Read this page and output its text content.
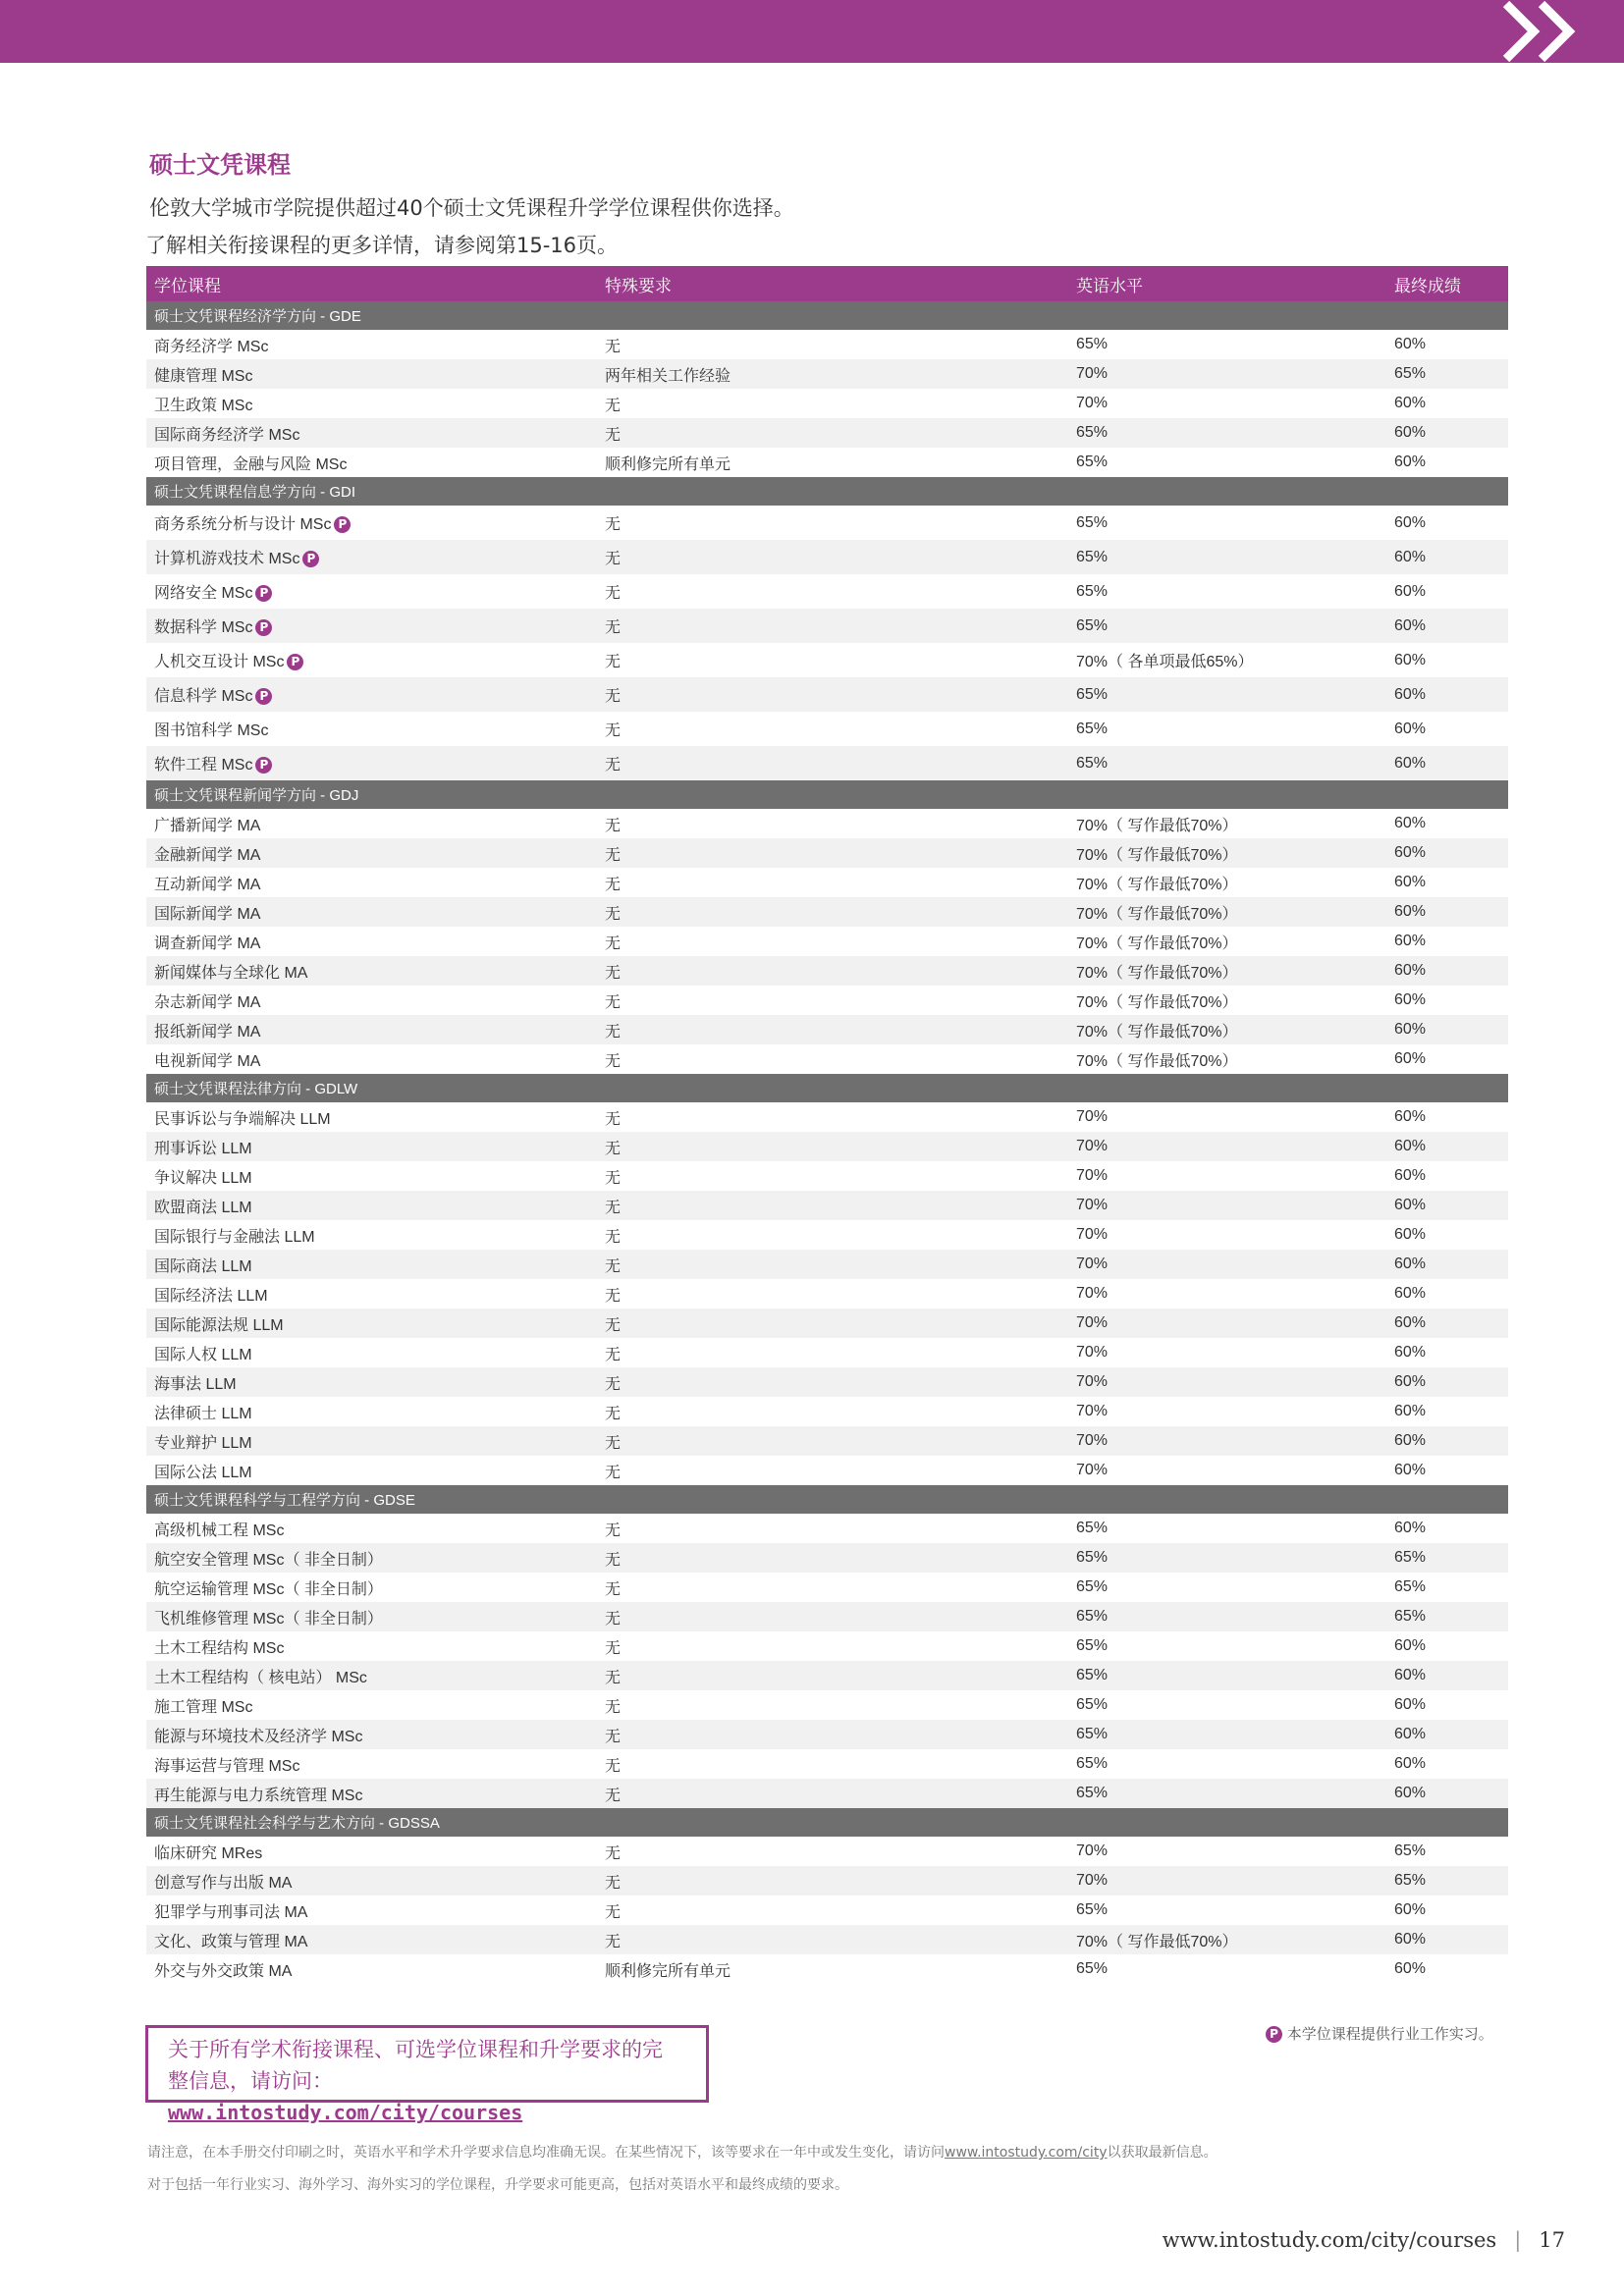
硕士文凭课程
伦敦大学城市学院提供超过40个硕士文凭课程升学学位课程供你选择。
了解相关衔接课程的更多详情，请参阅第15-16页。
学位课程	特殊要求	英语水平	最终成绩
硕士文凭课程经济学方向 - GDE			
商务经济学 MSc	无	65%	60%
健康管理 MSc	两年相关工作经验	70%	65%
卫生政策 MSc	无	70%	60%
国际商务经济学 MSc	无	65%	60%
项目管理，金融与风险 MSc	顺利修完所有单元	65%	60%
硕士文凭课程信息学方向 - GDI			
商务系统分析与设计 MSc P	无	65%	60%
计算机游戏技术 MSc P	无	65%	60%
网络安全 MSc P	无	65%	60%
数据科学 MSc P	无	65%	60%
人机交互设计 MSc P	无	70%（ 各单项最低65%）	60%
信息科学 MSc P	无	65%	60%
图书馆科学 MSc	无	65%	60%
软件工程 MSc P	无	65%	60%
硕士文凭课程新闻学方向 - GDJ			
广播新闻学 MA	无	70%（ 写作最低70%）	60%
金融新闻学 MA	无	70%（ 写作最低70%）	60%
互动新闻学 MA	无	70%（ 写作最低70%）	60%
国际新闻学 MA	无	70%（ 写作最低70%）	60%
调查新闻学 MA	无	70%（ 写作最低70%）	60%
新闻媒体与全球化 MA	无	70%（ 写作最低70%）	60%
杂志新闻学 MA	无	70%（ 写作最低70%）	60%
报纸新闻学 MA	无	70%（ 写作最低70%）	60%
电视新闻学 MA	无	70%（ 写作最低70%）	60%
硕士文凭课程法律方向 - GDLW			
民事诉讼与争端解决 LLM	无	70%	60%
刑事诉讼 LLM	无	70%	60%
争议解决 LLM	无	70%	60%
欧盟商法 LLM	无	70%	60%
国际银行与金融法 LLM	无	70%	60%
国际商法 LLM	无	70%	60%
国际经济法 LLM	无	70%	60%
国际能源法规 LLM	无	70%	60%
国际人权 LLM	无	70%	60%
海事法 LLM	无	70%	60%
法律硕士 LLM	无	70%	60%
专业辩护 LLM	无	70%	60%
国际公法 LLM	无	70%	60%
硕士文凭课程科学与工程学方向 - GDSE			
高级机械工程 MSc	无	65%	60%
航空安全管理 MSc（ 非全日制）	无	65%	65%
航空运输管理 MSc（ 非全日制）	无	65%	65%
飞机维修管理 MSc（ 非全日制）	无	65%	65%
土木工程结构 MSc	无	65%	60%
土木工程结构（ 核电站） MSc	无	65%	60%
施工管理 MSc	无	65%	60%
能源与环境技术及经济学 MSc	无	65%	60%
海事运营与管理 MSc	无	65%	60%
再生能源与电力系统管理 MSc	无	65%	60%
硕士文凭课程社会科学与艺术方向 - GDSSA			
临床研究 MRes	无	70%	65%
创意写作与出版 MA	无	70%	65%
犯罪学与刑事司法 MA	无	65%	60%
文化、政策与管理 MA	无	70%（ 写作最低70%）	60%
外交与外交政策 MA	顺利修完所有单元	65%	60%
关于所有学术衔接课程、可选学位课程和升学要求的完
整信息，请访问： www.intostudy.com/city/courses
P 本学位课程提供行业工作实习。

请注意，在本手册交付印刷之时，英语水平和学术升学要求信息均准确无误。在某些情况下，该等要求在一年中或发生变化，请访问www.intostudy.com/city以获取最新信息。

对于包括一年行业实习、海外学习、海外实习的学位课程，升学要求可能更高，包括对英语水平和最终成绩的要求。

www.intostudy.com/city/courses | 17
